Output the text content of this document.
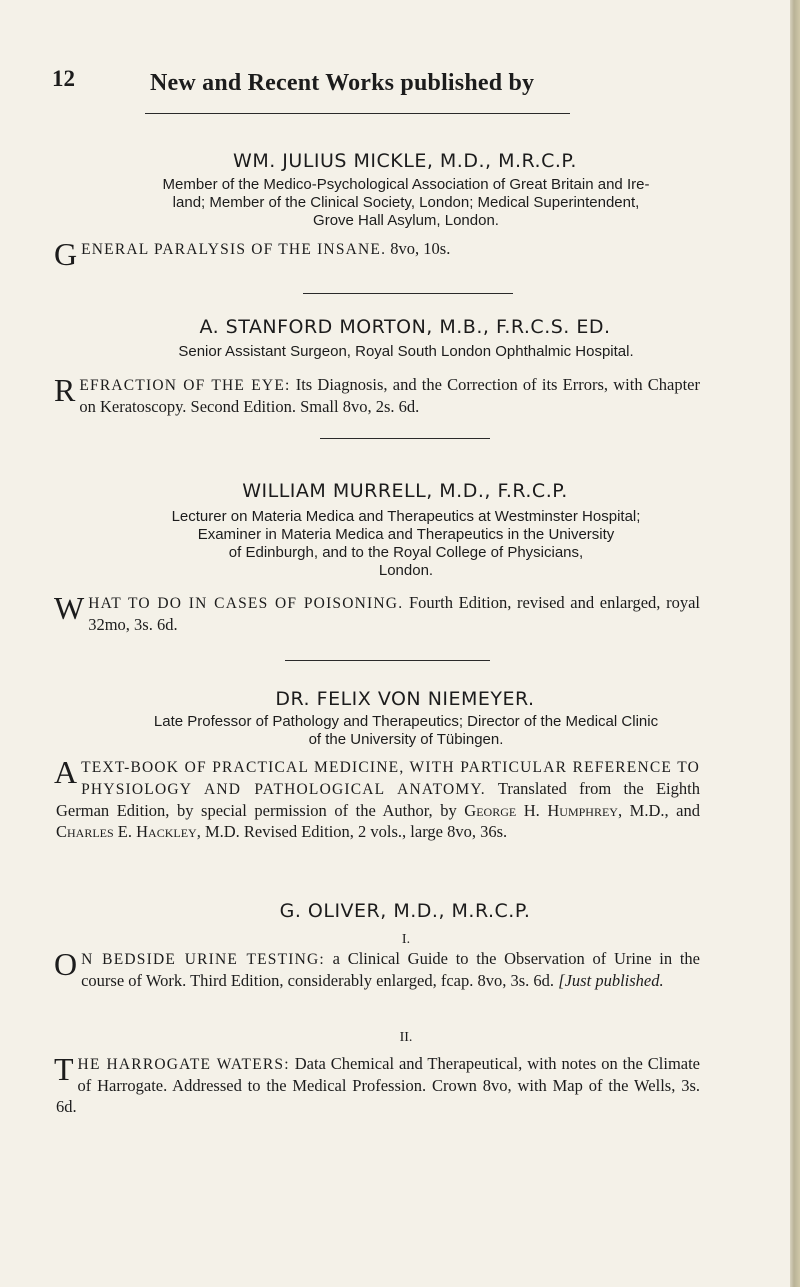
12	New and Recent Works published by
WM. JULIUS MICKLE, M.D., M.R.C.P.
Member of the Medico-Psychological Association of Great Britain and Ire-
land; Member of the Clinical Society, London; Medical Superintendent,
Grove Hall Asylum, London.

GENERAL PARALYSIS OF THE INSANE. 8vo, 10s.

A. STANFORD MORTON, M.B., F.R.C.S. ED.
Senior Assistant Surgeon, Royal South London Ophthalmic Hospital.

REFRACTION OF THE EYE: Its Diagnosis, and the Correction of its Errors, with Chapter on Keratoscopy. Second Edition. Small 8vo, 2s. 6d.

WILLIAM MURRELL, M.D., F.R.C.P.
Lecturer on Materia Medica and Therapeutics at Westminster Hospital;
Examiner in Materia Medica and Therapeutics in the University
of Edinburgh, and to the Royal College of Physicians,
London.

WHAT TO DO IN CASES OF POISONING. Fourth Edition, revised and enlarged, royal 32mo, 3s. 6d.

DR. FELIX VON NIEMEYER.
Late Professor of Pathology and Therapeutics; Director of the Medical Clinic
of the University of Tübingen.

ATEXT-BOOK OF PRACTICAL MEDICINE, WITH PARTICULAR REFERENCE TO PHYSIOLOGY AND PATHOLOGICAL ANATOMY. Translated from the Eighth German Edition, by special permission of the Author, by George H. Humphrey, M.D., and Charles E. Hackley, M.D. Revised Edition, 2 vols., large 8vo, 36s.

G. OLIVER, M.D., M.R.C.P.
I.

O N BEDSIDE URINE TESTING: a Clinical Guide to the Observation of Urine in the course of Work. Third Edition, considerably enlarged, fcap. 8vo, 3s. 6d. [Just published.

II.

THE HARROGATE WATERS: Data Chemical and Therapeutical, with notes on the Climate of Harrogate. Addressed to the Medical Profession. Crown 8vo, with Map of the Wells, 3s. 6d.
